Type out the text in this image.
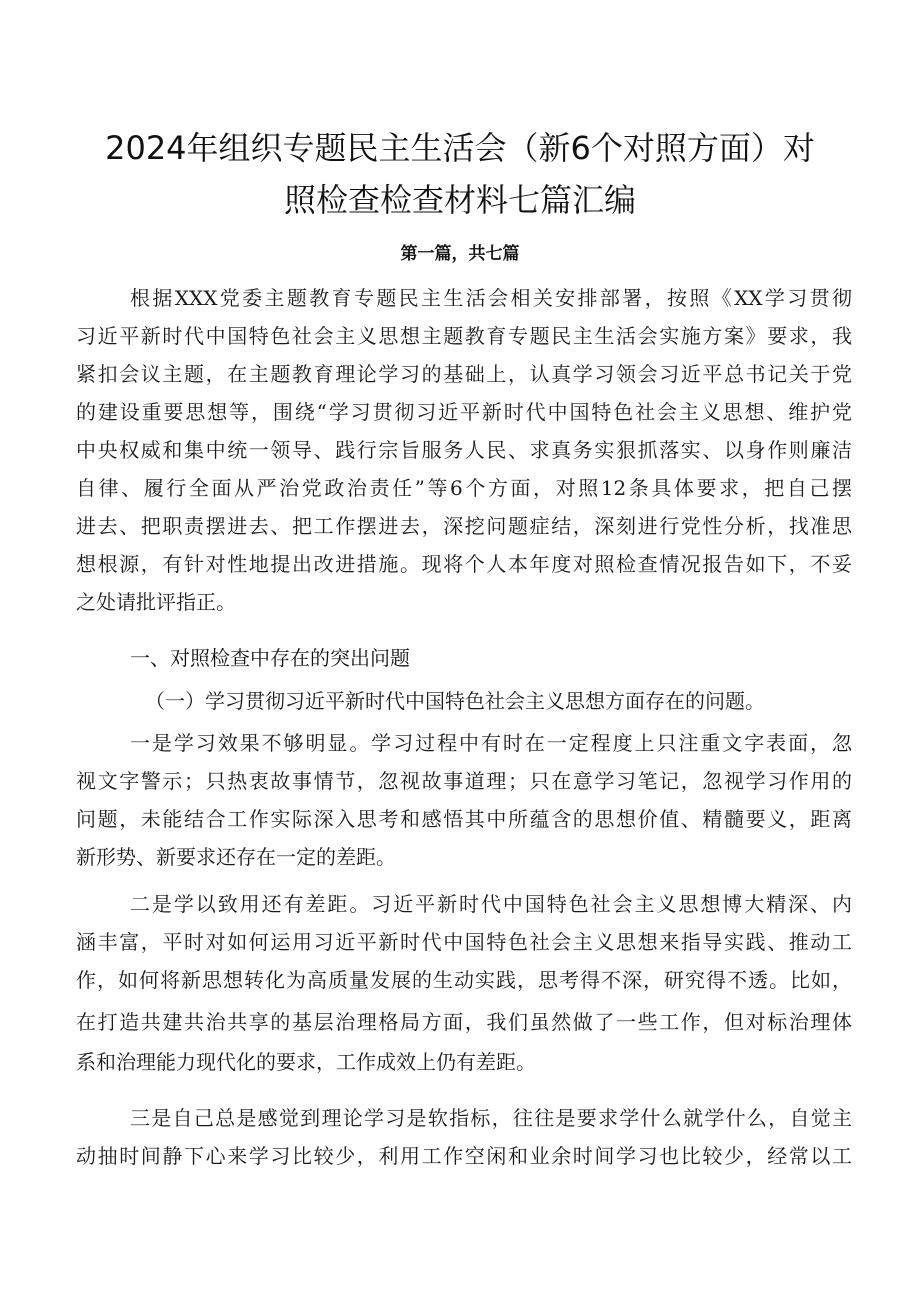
2024年组织专题民主生活会（新6个对照方面）对
照检查检查材料七篇汇编
第一篇，共七篇
根据XXX党委主题教育专题民主生活会相关安排部署，按照《XX学习贯彻
习近平新时代中国特色社会主义思想主题教育专题民主生活会实施方案》要求，我
紧扣会议主题，在主题教育理论学习的基础上，认真学习领会习近平总书记关于党
的建设重要思想等，围绕“学习贯彻习近平新时代中国特色社会主义思想、维护党
中央权威和集中统一领导、践行宗旨服务人民、求真务实狠抓落实、以身作则廉洁
自律、履行全面从严治党政治责任”等6个方面，对照12条具体要求，把自己摆
进去、把职责摆进去、把工作摆进去，深挖问题症结，深刻进行党性分析，找准思
想根源，有针对性地提出改进措施。现将个人本年度对照检查情况报告如下，不妥
之处请批评指正。
一、对照检查中存在的突出问题
（一）学习贯彻习近平新时代中国特色社会主义思想方面存在的问题。
一是学习效果不够明显。学习过程中有时在一定程度上只注重文字表面，忽
视文字警示；只热衷故事情节，忽视故事道理；只在意学习笔记，忽视学习作用的
问题，未能结合工作实际深入思考和感悟其中所蕴含的思想价值、精髓要义，距离
新形势、新要求还存在一定的差距。
二是学以致用还有差距。习近平新时代中国特色社会主义思想博大精深、内
涵丰富，平时对如何运用习近平新时代中国特色社会主义思想来指导实践、推动工
作，如何将新思想转化为高质量发展的生动实践，思考得不深，研究得不透。比如，
在打造共建共治共享的基层治理格局方面，我们虽然做了一些工作，但对标治理体
系和治理能力现代化的要求，工作成效上仍有差距。
三是自己总是感觉到理论学习是软指标，往往是要求学什么就学什么，自觉主
动抽时间静下心来学习比较少，利用工作空闲和业余时间学习也比较少，经常以工
